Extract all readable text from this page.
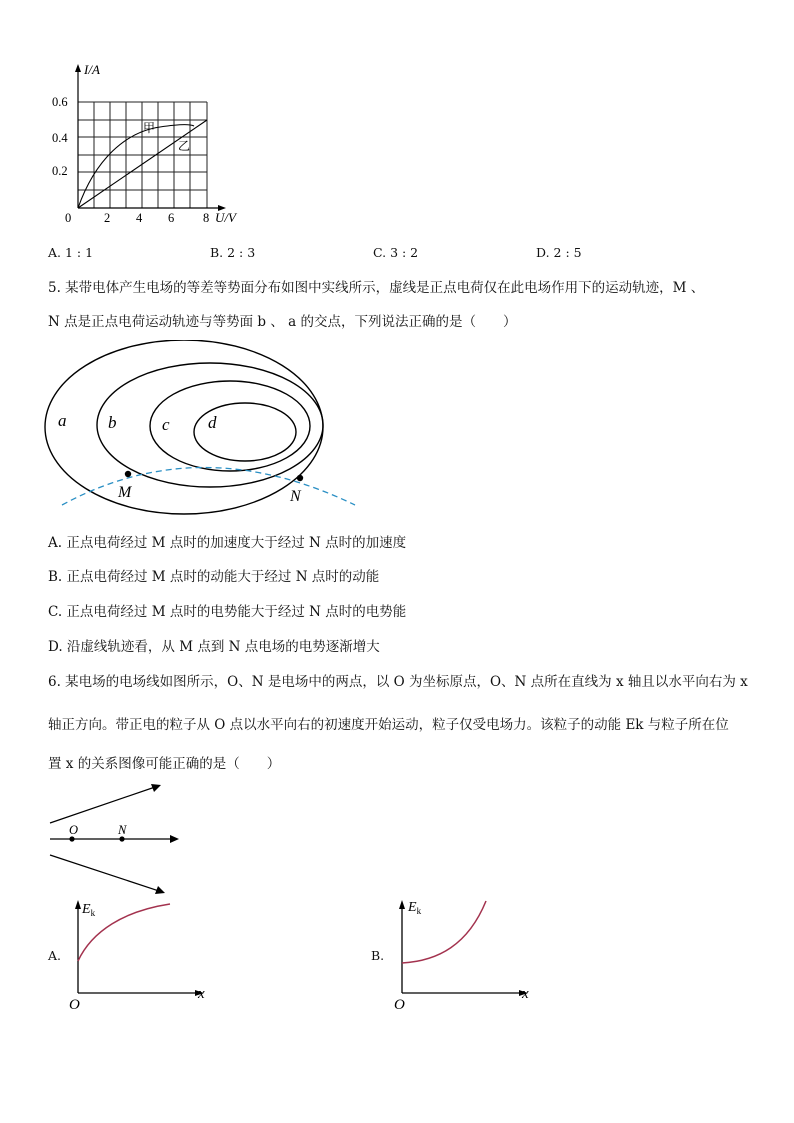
I/A
0.6
0.4
0.2
0	2 4 6 8 U/V
甲
乙
A. 1 : 1	B. 2 : 3	C. 3 : 2	D. 2 : 5
5. 某带电体产生电场的等差等势面分布如图中实线所示，虚线是正点电荷仅在此电场作用下的运动轨迹，M 、
N 点是正点电荷运动轨迹与等势面 b 、 a 的交点，下列说法正确的是（　　）
a b	c d
M	N
A. 正点电荷经过 M 点时的加速度大于经过 N 点时的加速度
B. 正点电荷经过 M 点时的动能大于经过 N 点时的动能
C. 正点电荷经过 M 点时的电势能大于经过 N 点时的电势能
D. 沿虚线轨迹看，从 M 点到 N 点电场的电势逐渐增大
6. 某电场的电场线如图所示，O、N 是电场中的两点，以 O 为坐标原点，O、N 点所在直线为 x 轴且以水平向右为 x
轴正方向。带正电的粒子从 O 点以水平向右的初速度开始运动，粒子仅受电场力。该粒子的动能 Ek 与粒子所在位
置 x 的关系图像可能正确的是（　　）
O	N
A.
$E_k$
x
O
B.
$E_k$
x
O
